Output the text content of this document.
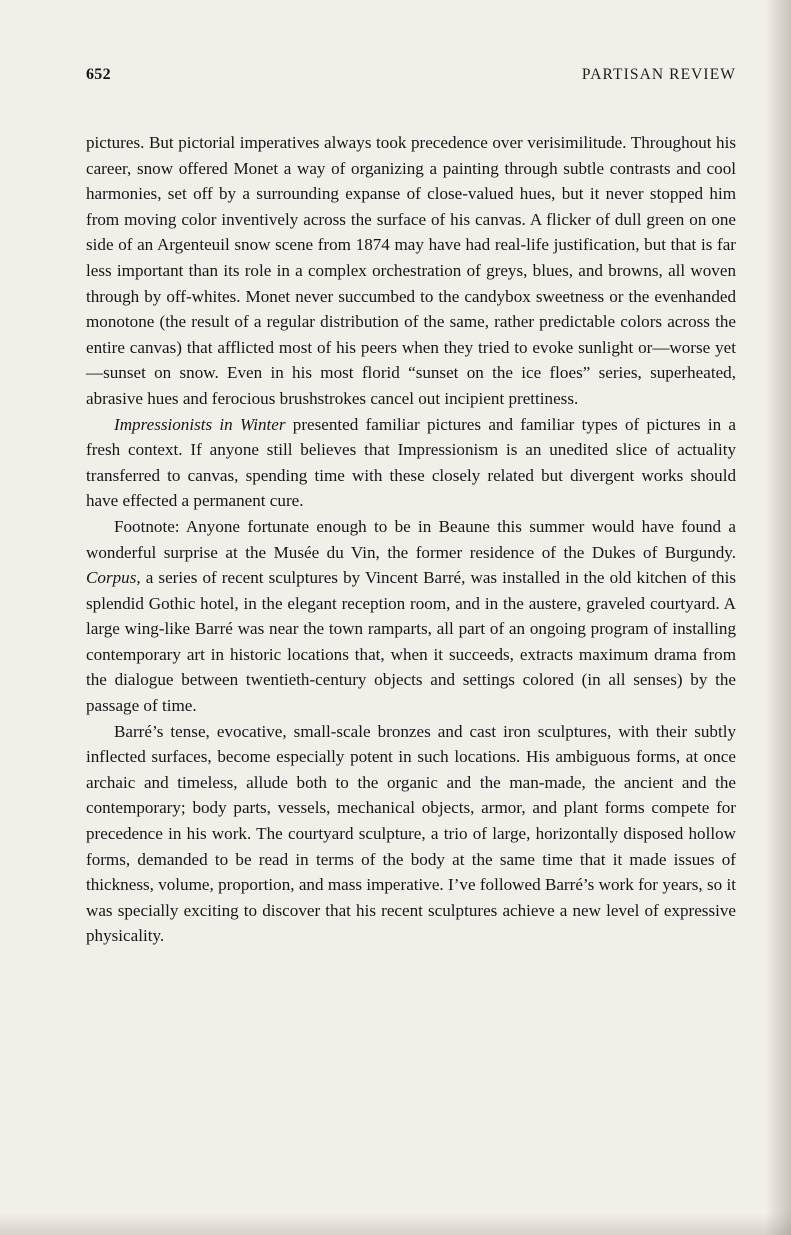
652	PARTISAN REVIEW

pictures. But pictorial imperatives always took precedence over verisimilitude. Throughout his career, snow offered Monet a way of organizing a painting through subtle contrasts and cool harmonies, set off by a surrounding expanse of close-valued hues, but it never stopped him from moving color inventively across the surface of his canvas. A flicker of dull green on one side of an Argenteuil snow scene from 1874 may have had real-life justification, but that is far less important than its role in a complex orchestration of greys, blues, and browns, all woven through by off-whites. Monet never succumbed to the candybox sweetness or the evenhanded monotone (the result of a regular distribution of the same, rather predictable colors across the entire canvas) that afflicted most of his peers when they tried to evoke sunlight or—worse yet—sunset on snow. Even in his most florid “sunset on the ice floes” series, superheated, abrasive hues and ferocious brushstrokes cancel out incipient prettiness.

Impressionists in Winter presented familiar pictures and familiar types of pictures in a fresh context. If anyone still believes that Impressionism is an unedited slice of actuality transferred to canvas, spending time with these closely related but divergent works should have effected a permanent cure.

Footnote: Anyone fortunate enough to be in Beaune this summer would have found a wonderful surprise at the Musée du Vin, the former residence of the Dukes of Burgundy. Corpus, a series of recent sculptures by Vincent Barré, was installed in the old kitchen of this splendid Gothic hotel, in the elegant reception room, and in the austere, graveled courtyard. A large wing-like Barré was near the town ramparts, all part of an ongoing program of installing contemporary art in historic locations that, when it succeeds, extracts maximum drama from the dialogue between twentieth-century objects and settings colored (in all senses) by the passage of time.

Barré’s tense, evocative, small-scale bronzes and cast iron sculptures, with their subtly inflected surfaces, become especially potent in such locations. His ambiguous forms, at once archaic and timeless, allude both to the organic and the man-made, the ancient and the contemporary; body parts, vessels, mechanical objects, armor, and plant forms compete for precedence in his work. The courtyard sculpture, a trio of large, horizontally disposed hollow forms, demanded to be read in terms of the body at the same time that it made issues of thickness, volume, proportion, and mass imperative. I’ve followed Barré’s work for years, so it was specially exciting to discover that his recent sculptures achieve a new level of expressive physicality.
